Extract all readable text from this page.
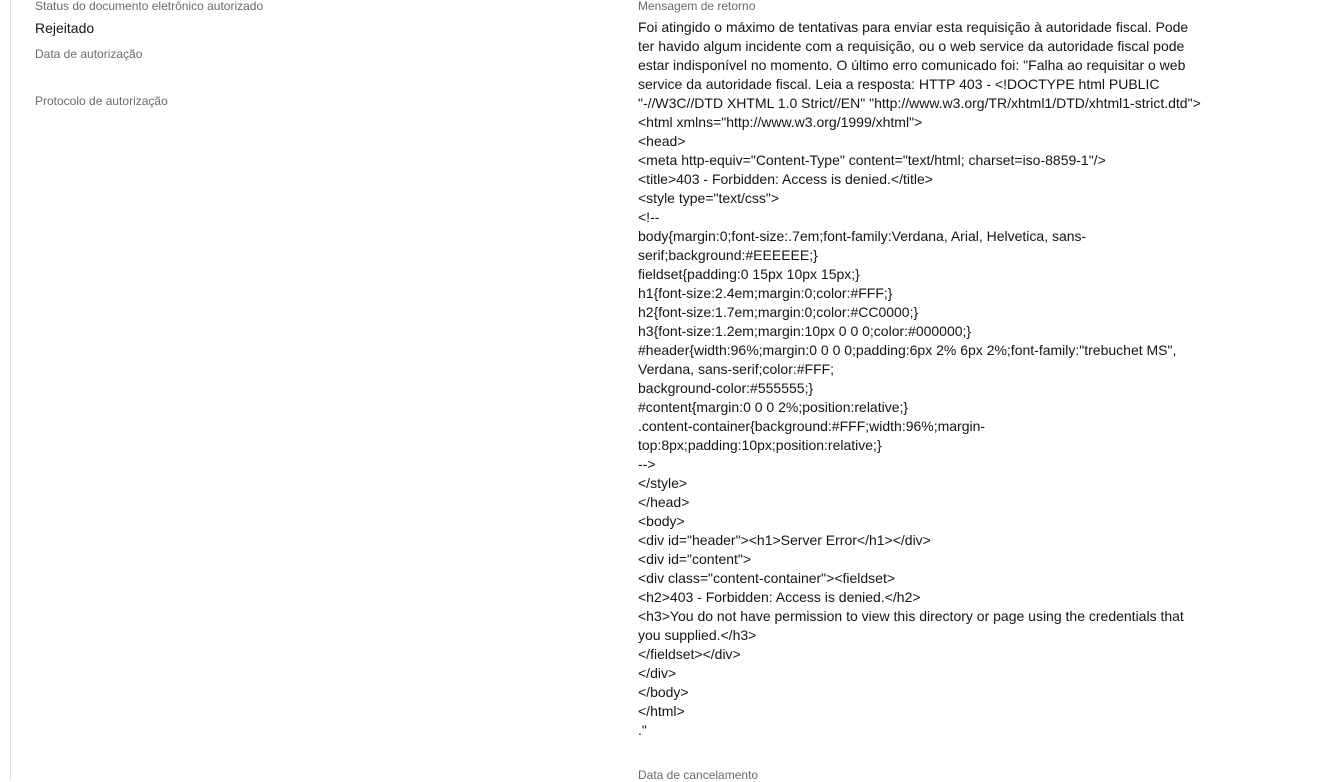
Status do documento eletrônico autorizado
Rejeitado
Data de autorização
Protocolo de autorização
Mensagem de retorno
Foi atingido o máximo de tentativas para enviar esta requisição à autoridade fiscal. Pode ter havido algum incidente com a requisição, ou o web service da autoridade fiscal pode estar indisponível no momento. O último erro comunicado foi: "Falha ao requisitar o web service da autoridade fiscal. Leia a resposta: HTTP 403 - <!DOCTYPE html PUBLIC "-//W3C//DTD XHTML 1.0 Strict//EN" "http://www.w3.org/TR/xhtml1/DTD/xhtml1-strict.dtd">
<html xmlns="http://www.w3.org/1999/xhtml">
<head>
<meta http-equiv="Content-Type" content="text/html; charset=iso-8859-1"/>
<title>403 - Forbidden: Access is denied.</title>
<style type="text/css">
<!--
body{margin:0;font-size:.7em;font-family:Verdana, Arial, Helvetica, sans-serif;background:#EEEEEE;}
fieldset{padding:0 15px 10px 15px;}
h1{font-size:2.4em;margin:0;color:#FFF;}
h2{font-size:1.7em;margin:0;color:#CC0000;}
h3{font-size:1.2em;margin:10px 0 0 0;color:#000000;}
#header{width:96%;margin:0 0 0 0;padding:6px 2% 6px 2%;font-family:"trebuchet MS", Verdana, sans-serif;color:#FFF;
background-color:#555555;}
#content{margin:0 0 0 2%;position:relative;}
.content-container{background:#FFF;width:96%;margin-top:8px;padding:10px;position:relative;}
-->
</style>
</head>
<body>
<div id="header"><h1>Server Error</h1></div>
<div id="content">
<div class="content-container"><fieldset>
<h2>403 - Forbidden: Access is denied.</h2>
<h3>You do not have permission to view this directory or page using the credentials that you supplied.</h3>
</fieldset></div>
</div>
</body>
</html>
."
Data de cancelamento
